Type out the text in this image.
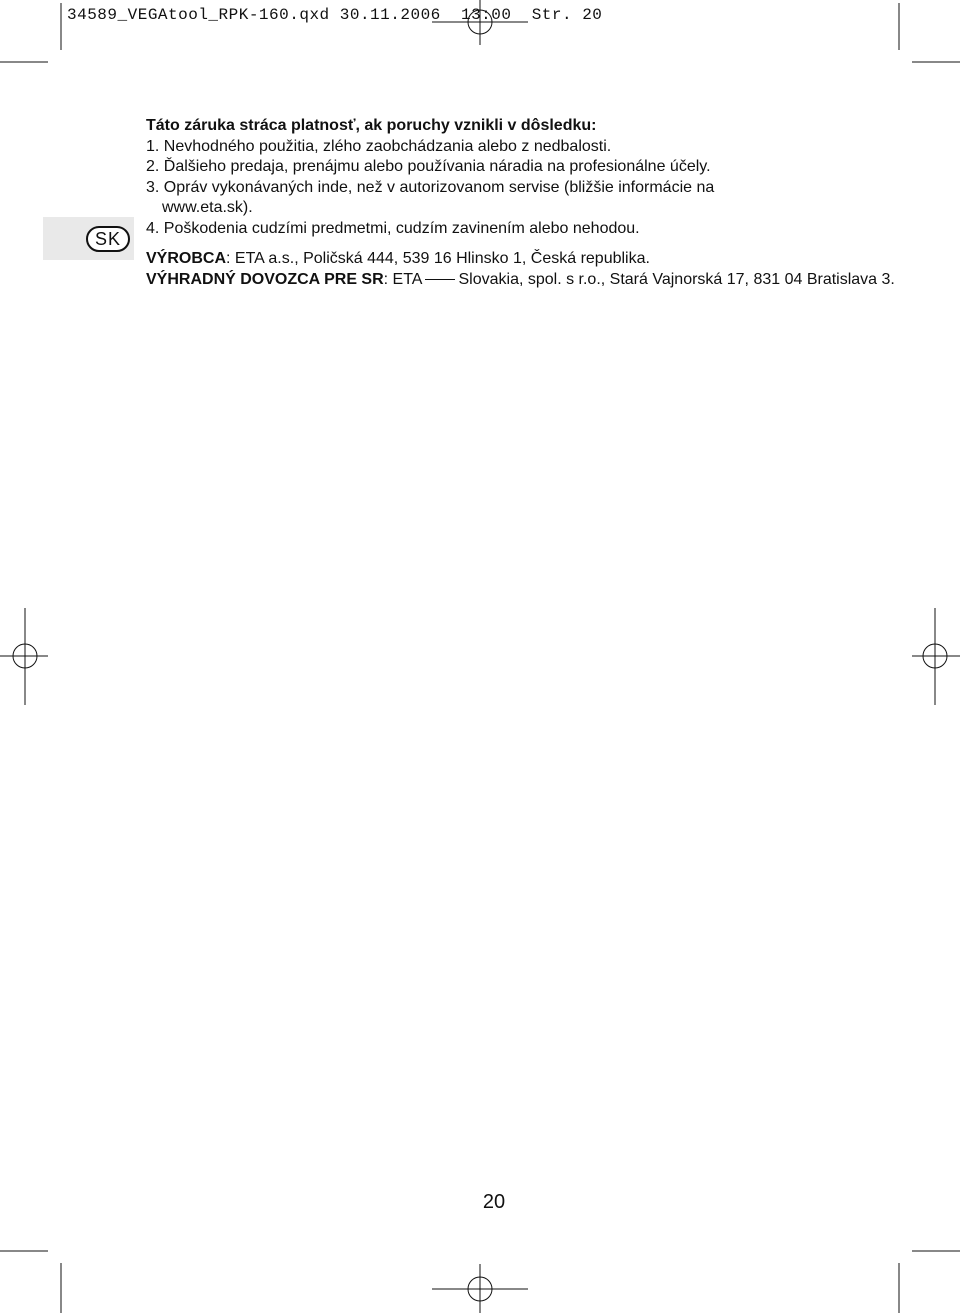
34589_VEGAtool_RPK-160.qxd 30.11.2006 13:00 Str. 20
SK

Táto záruka stráca platnosť, ak poruchy vznikli v dôsledku:

1. Nevhodného použitia, zlého zaobchádzania alebo z nedbalosti.

2. Ďalšieho predaja, prenájmu alebo používania náradia na profesionálne účely.

3. Opráv vykonávaných inde, než v autorizovanom servise (bližšie informácie na

www.eta.sk).

4. Poškodenia cudzími predmetmi, cudzím zavinením alebo nehodou.

VÝROBCA: ETA a.s., Poličská 444, 539 16 Hlinsko 1, Česká republika.

VÝHRADNÝ DOVOZCA PRE SR: ETA Slovakia, spol. s r.o., Stará Vajnorská 17, 831 04 Bratislava 3.

20
